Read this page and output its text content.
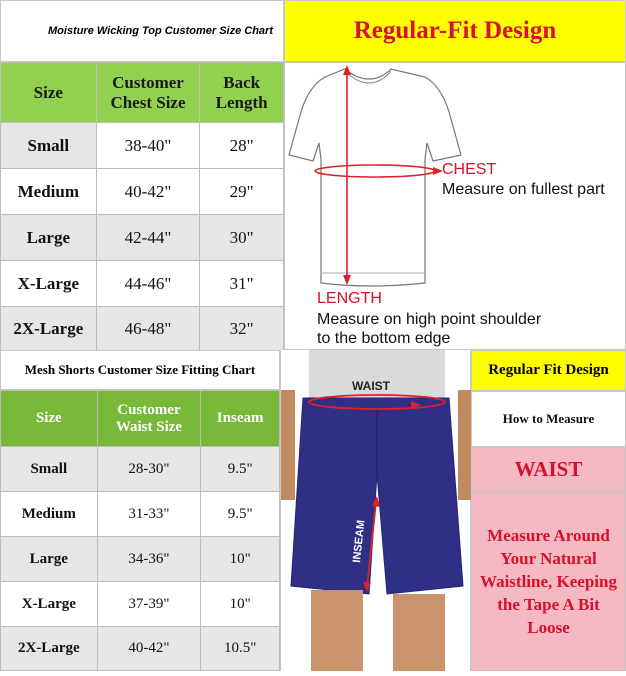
Moisture Wicking Top Customer Size Chart	Regular-Fit Design
Size	Customer Chest Size	Back Length
Small	38-40"	28"
Medium	40-42"	29"
Large	42-44"	30"
X-Large	44-46"	31"
2X-Large	46-48"	32"
CHEST
Measure on fullest part
LENGTH
Measure on high point shoulder
to the bottom edge
Mesh Shorts Customer Size Fitting Chart
Size	Customer Waist Size	Inseam
Small	28-30"	9.5"
Medium	31-33"	9.5"
Large	34-36"	10"
X-Large	37-39"	10"
2X-Large	40-42"	10.5"
WAIST
INSEAM
Regular Fit Design
How to Measure
WAIST
Measure Around Your Natural Waistline, Keeping the Tape A Bit Loose
